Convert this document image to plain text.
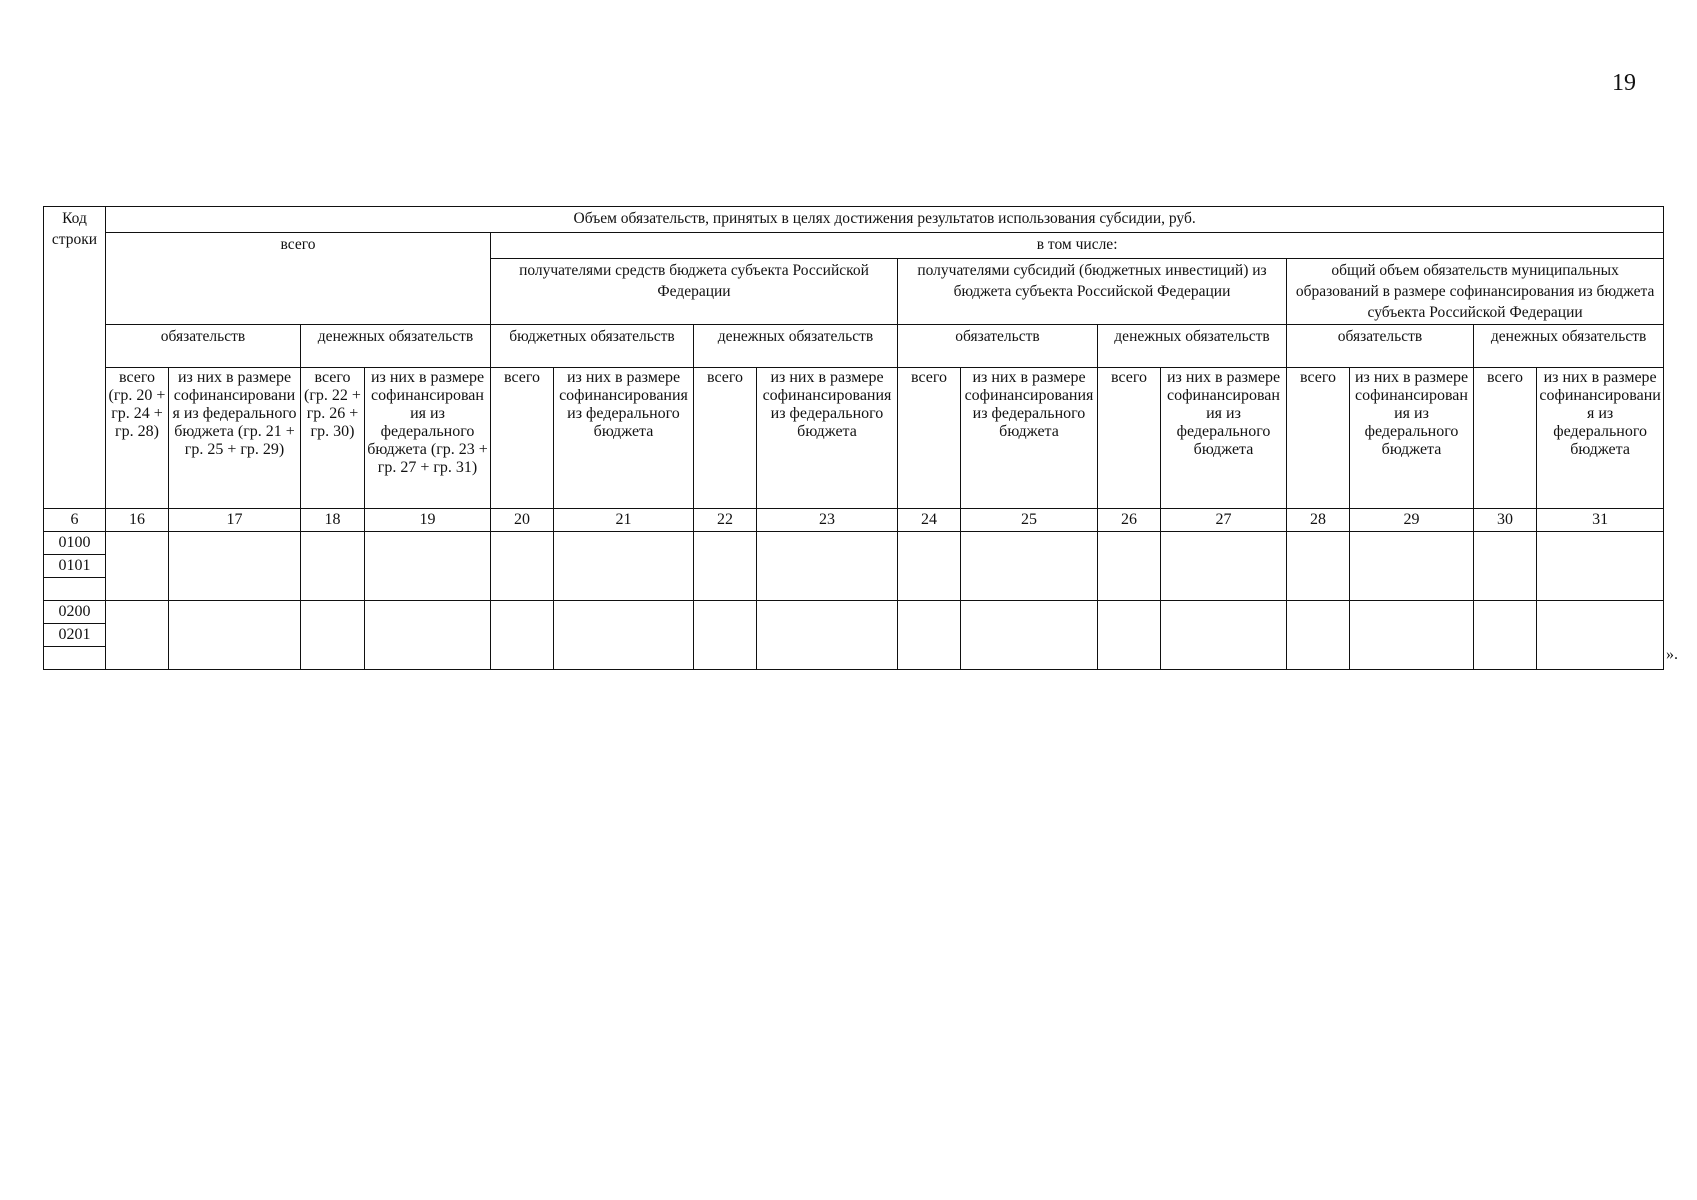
19
Код строки	Объем обязательств, принятых в целях достижения результатов использования субсидии, руб.															
	всего				в том числе:											
					получателями средств бюджета субъекта Российской Федерации				получателями субсидий (бюджетных инвестиций) из бюджета субъекта Российской Федерации				общий объем обязательств муниципальных образований в размере софинансирования из бюджета субъекта Российской Федерации			
	обязательств		денежных обязательств		бюджетных обязательств		денежных обязательств		обязательств		денежных обязательств		обязательств		денежных обязательств	
	всего (гр. 20 + гр. 24 + гр. 28)	из них в размере софинансирования из федерального бюджета (гр. 21 + гр. 25 + гр. 29)	всего (гр. 22 + гр. 26 + гр. 30)	из них в размере софинансирования из федерального бюджета (гр. 23 + гр. 27 + гр. 31)	всего	из них в размере софинансирования из федерального бюджета	всего	из них в размере софинансирования из федерального бюджета	всего	из них в размере софинансирования из федерального бюджета	всего	из них в размере софинансирования из федерального бюджета	всего	из них в размере софинансирования из федерального бюджета	всего	из них в размере софинансирования из федерального бюджета
6	16	17	18	19	20	21	22	23	24	25	26	27	28	29	30	31
0100																
0101																

0200																
0201																

».
